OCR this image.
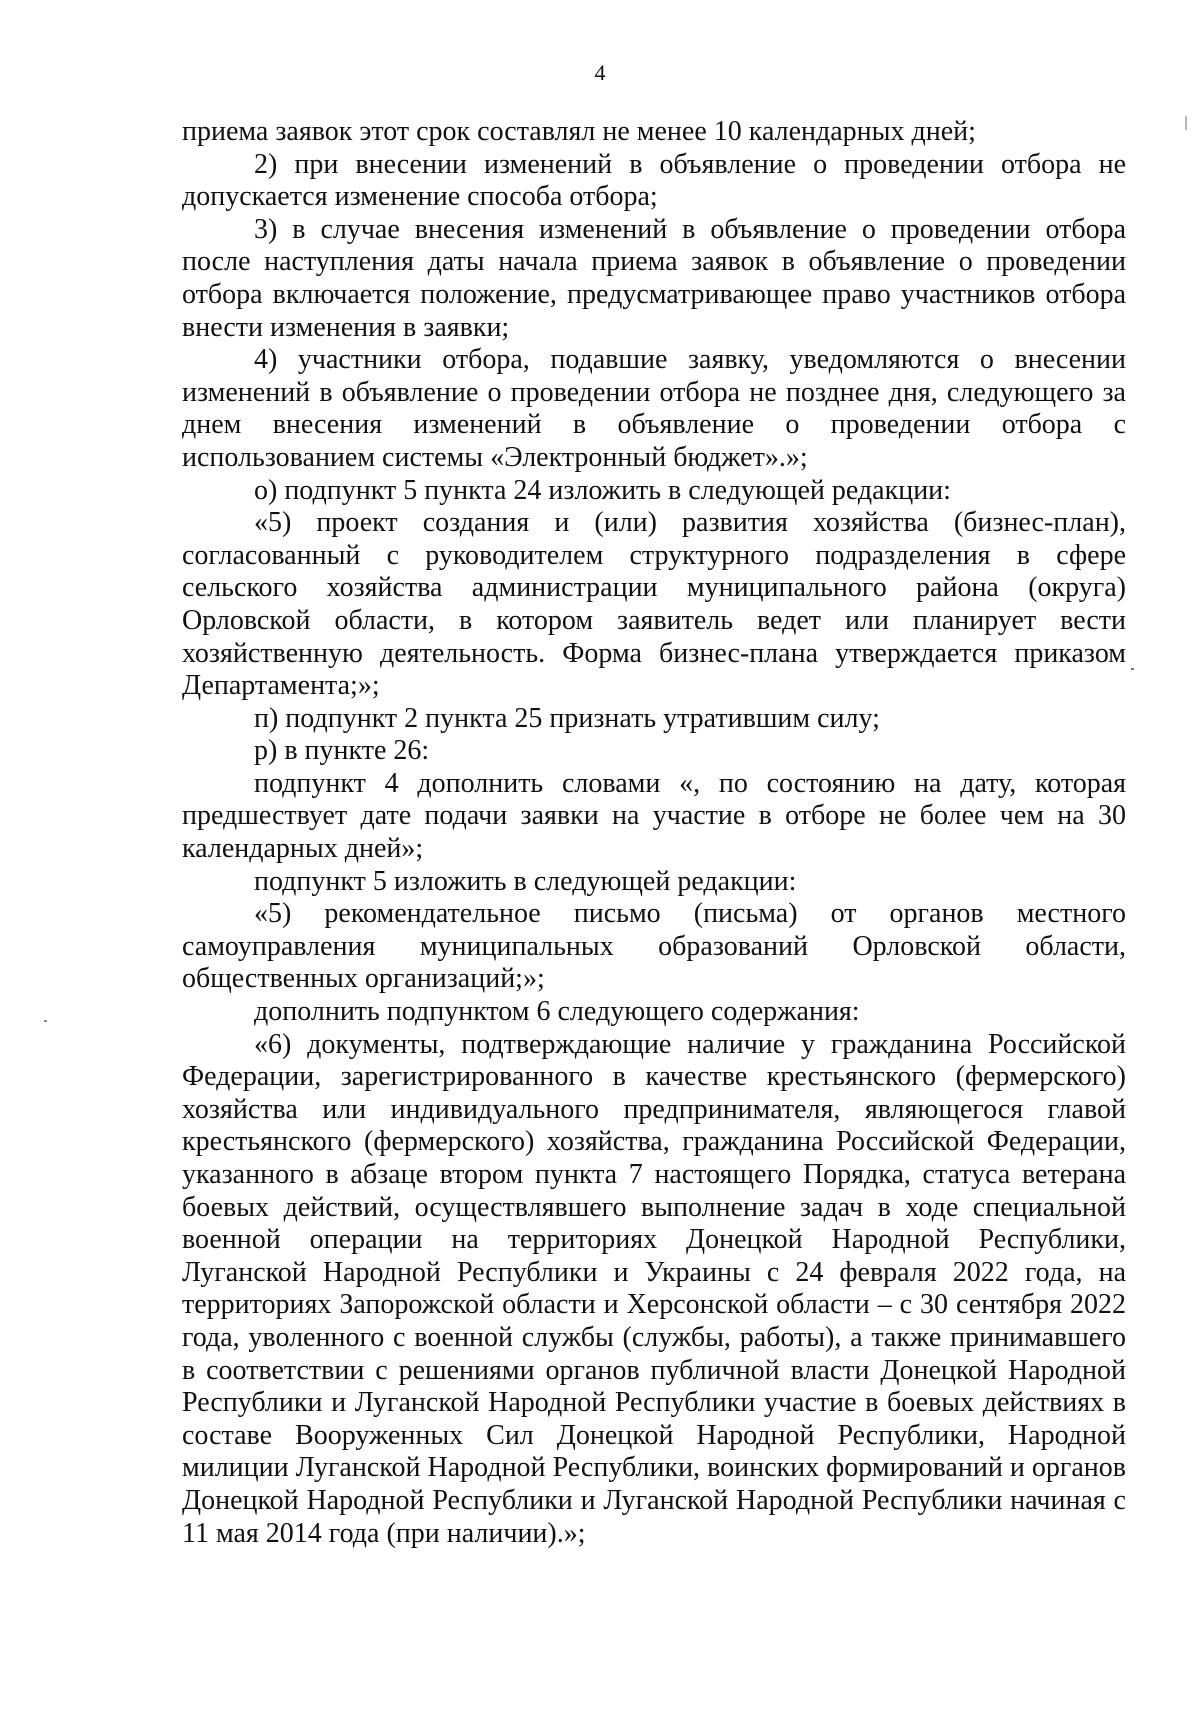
4

приема заявок этот срок составлял не менее 10 календарных дней;

2) при внесении изменений в объявление о проведении отбора не допускается изменение способа отбора;

3) в случае внесения изменений в объявление о проведении отбора после наступления даты начала приема заявок в объявление о проведении отбора включается положение, предусматривающее право участников отбора внести изменения в заявки;

4) участники отбора, подавшие заявку, уведомляются о внесении изменений в объявление о проведении отбора не позднее дня, следующего за днем внесения изменений в объявление о проведении отбора с использованием системы «Электронный бюджет».»;

о) подпункт 5 пункта 24 изложить в следующей редакции:

«5) проект создания и (или) развития хозяйства (бизнес-план), согласованный с руководителем структурного подразделения в сфере сельского хозяйства администрации муниципального района (округа) Орловской области, в котором заявитель ведет или планирует вести хозяйственную деятельность. Форма бизнес-плана утверждается приказом Департамента;»;

п) подпункт 2 пункта 25 признать утратившим силу;

р) в пункте 26:

подпункт 4 дополнить словами «, по состоянию на дату, которая предшествует дате подачи заявки на участие в отборе не более чем на 30 календарных дней»;

подпункт 5 изложить в следующей редакции:

«5) рекомендательное письмо (письма) от органов местного самоуправления муниципальных образований Орловской области, общественных организаций;»;

дополнить подпунктом 6 следующего содержания:

«6) документы, подтверждающие наличие у гражданина Российской Федерации, зарегистрированного в качестве крестьянского (фермерского) хозяйства или индивидуального предпринимателя, являющегося главой крестьянского (фермерского) хозяйства, гражданина Российской Федерации, указанного в абзаце втором пункта 7 настоящего Порядка, статуса ветерана боевых действий, осуществлявшего выполнение задач в ходе специальной военной операции на территориях Донецкой Народной Республики, Луганской Народной Республики и Украины с 24 февраля 2022 года, на территориях Запорожской области и Херсонской области – с 30 сентября 2022 года, уволенного с военной службы (службы, работы), а также принимавшего в соответствии с решениями органов публичной власти Донецкой Народной Республики и Луганской Народной Республики участие в боевых действиях в составе Вооруженных Сил Донецкой Народной Республики, Народной милиции Луганской Народной Республики, воинских формирований и органов Донецкой Народной Республики и Луганской Народной Республики начиная с 11 мая 2014 года (при наличии).»;
